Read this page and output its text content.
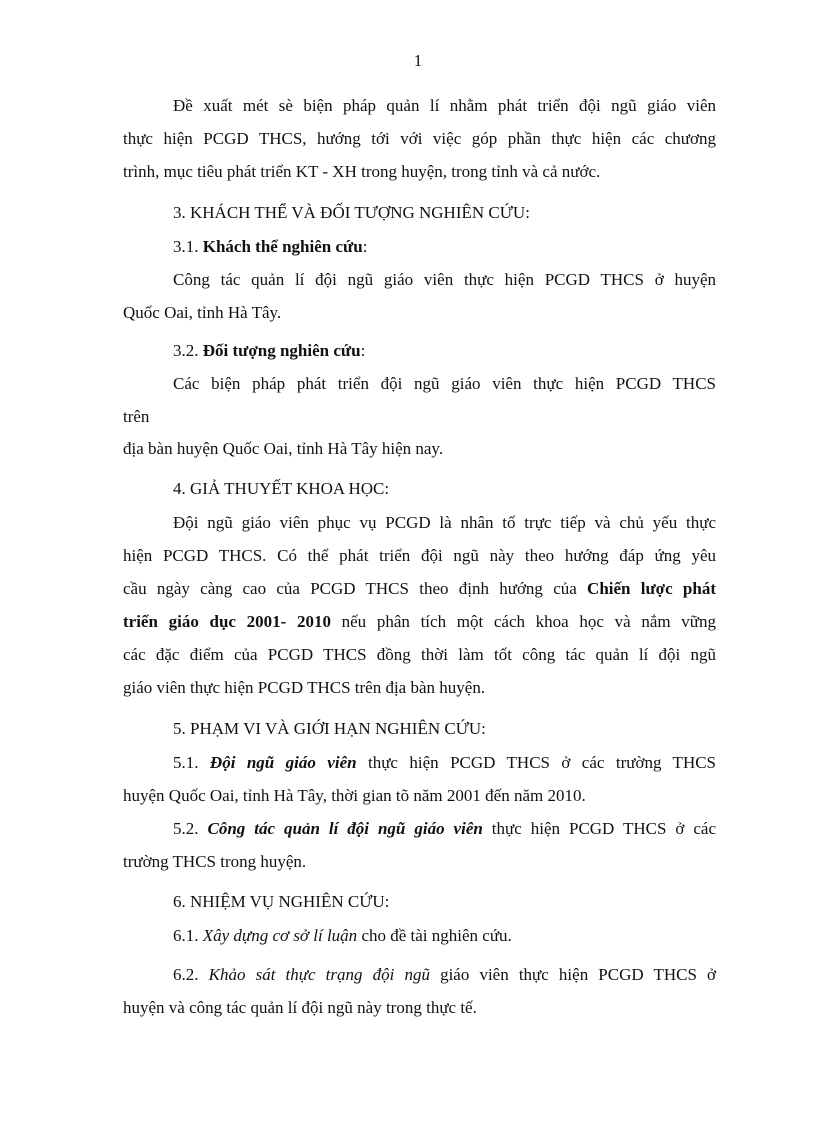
1
Đề xuất mét sè biện pháp quản lí nhằm phát triển đội ngũ giáo viên
thực hiện PCGD THCS, hướng tới với việc góp phần thực hiện các chương
trình, mục tiêu phát triển KT - XH trong huyện, trong tỉnh và cả nước.
3. KHÁCH THỂ VÀ ĐỐI TƯỢNG NGHIÊN CỨU:
3.1. Khách thể nghiên cứu:
Công tác quản lí đội ngũ giáo viên thực hiện PCGD THCS ở huyện
Quốc Oai, tỉnh Hà Tây.
3.2. Đối tượng nghiên cứu:
Các biện pháp phát triển đội ngũ giáo viên thực hiện PCGD THCS
trên
địa bàn huyện Quốc Oai, tỉnh Hà Tây hiện nay.
4. GIẢ THUYẾT KHOA HỌC:
Đội ngũ giáo viên phục vụ PCGD là nhân tố trực tiếp và chủ yếu thực
hiện PCGD THCS. Có thể phát triển đội ngũ này theo hướng đáp ứng yêu
cầu ngày càng cao của PCGD THCS theo định hướng của Chiến lược phát
triển giáo dục 2001- 2010 nếu phân tích một cách khoa học và nắm vững
các đặc điểm của PCGD THCS đồng thời làm tốt công tác quản lí đội ngũ
giáo viên thực hiện PCGD THCS trên địa bàn huyện.
5. PHẠM VI VÀ GIỚI HẠN NGHIÊN CỨU:
5.1. Đội ngũ giáo viên thực hiện PCGD THCS ở các trường THCS
huyện Quốc Oai, tỉnh Hà Tây, thời gian tõ năm 2001 đến năm 2010.
5.2. Công tác quản lí đội ngũ giáo viên thực hiện PCGD THCS ở các
trường THCS trong huyện.
6. NHIỆM VỤ NGHIÊN CỨU:
6.1. Xây dựng cơ sở lí luận cho đề tài nghiên cứu.
6.2. Khảo sát thực trạng đội ngũ giáo viên thực hiện PCGD THCS ở
huyện và công tác quản lí đội ngũ này trong thực tế.
